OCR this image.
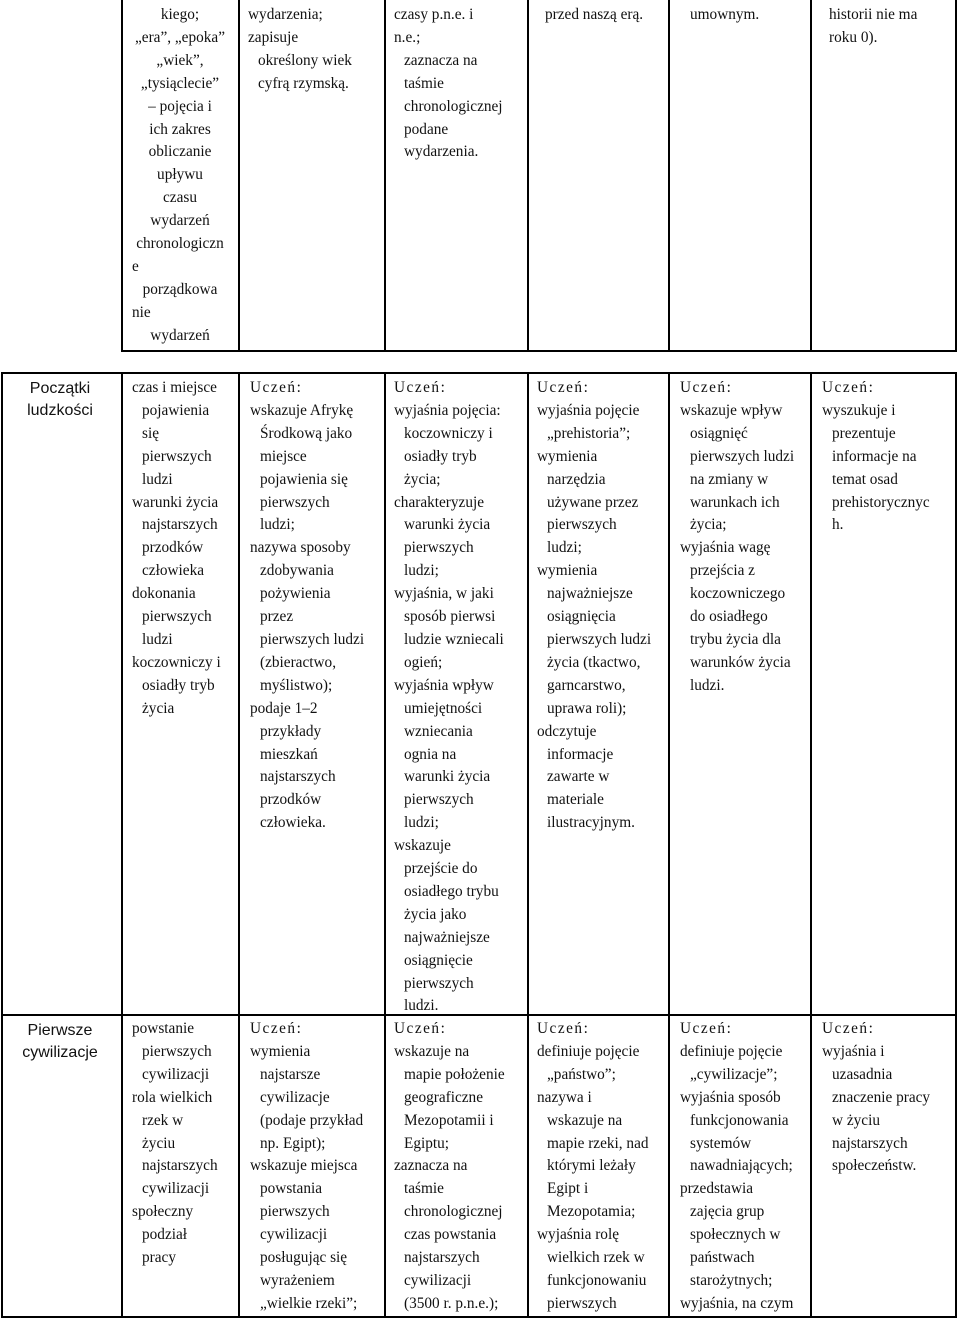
kiego;
„era”, „epoka”
„wiek”,
„tysiąclecie”
– pojęcia i
ich zakres
obliczanie
upływu
czasu
wydarzeń
chronologiczn
e
porządkowa
nie
wydarzeń
wydarzenia;
zapisuje
określony wiek
cyfrą rzymską.
czasy p.n.e. i
n.e.;
zaznacza na
taśmie
chronologicznej
podane
wydarzenia.
przed naszą erą.	umownym.	historii nie ma
roku 0).
Początki
ludzkości
czas i miejsce
pojawienia
się
pierwszych
ludzi
warunki życia
najstarszych
przodków
człowieka
dokonania
pierwszych
ludzi
koczowniczy i
osiadły tryb
życia
Uczeń:
wskazuje Afrykę
Środkową jako
miejsce
pojawienia się
pierwszych
ludzi;
nazywa sposoby
zdobywania
pożywienia
przez
pierwszych ludzi
(zbieractwo,
myślistwo);
podaje 1–2
przykłady
mieszkań
najstarszych
przodków
człowieka.
Uczeń:
wyjaśnia pojęcia:
koczowniczy i
osiadły tryb
życia;
charakteryzuje
warunki życia
pierwszych
ludzi;
wyjaśnia, w jaki
sposób pierwsi
ludzie wzniecali
ogień;
wyjaśnia wpływ
umiejętności
wzniecania
ognia na
warunki życia
pierwszych
ludzi;
wskazuje
przejście do
osiadłego trybu
życia jako
najważniejsze
osiągnięcie
pierwszych
ludzi.
Uczeń:
wyjaśnia pojęcie
„prehistoria”;
wymienia
narzędzia
używane przez
pierwszych
ludzi;
wymienia
najważniejsze
osiągnięcia
pierwszych ludzi
życia (tkactwo,
garncarstwo,
uprawa roli);
odczytuje
informacje
zawarte w
materiale
ilustracyjnym.
Uczeń:
wskazuje wpływ
osiągnięć
pierwszych ludzi
na zmiany w
warunkach ich
życia;
wyjaśnia wagę
przejścia z
koczowniczego
do osiadłego
trybu życia dla
warunków życia
ludzi.
Uczeń:
wyszukuje i
prezentuje
informacje na
temat osad
prehistorycznyc
h.
Pierwsze
cywilizacje
powstanie
pierwszych
cywilizacji
rola wielkich
rzek w
życiu
najstarszych
cywilizacji
społeczny
podział
pracy
Uczeń:
wymienia
najstarsze
cywilizacje
(podaje przykład
np. Egipt);
wskazuje miejsca
powstania
pierwszych
cywilizacji
posługując się
wyrażeniem
„wielkie rzeki”;
Uczeń:
wskazuje na
mapie położenie
geograficzne
Mezopotamii i
Egiptu;
zaznacza na
taśmie
chronologicznej
czas powstania
najstarszych
cywilizacji
(3500 r. p.n.e.);
Uczeń:
definiuje pojęcie
„państwo”;
nazywa i
wskazuje na
mapie rzeki, nad
którymi leżały
Egipt i
Mezopotamia;
wyjaśnia rolę
wielkich rzek w
funkcjonowaniu
pierwszych
Uczeń:
definiuje pojęcie
„cywilizacje”;
wyjaśnia sposób
funkcjonowania
systemów
nawadniających;
przedstawia
zajęcia grup
społecznych w
państwach
starożytnych;
wyjaśnia, na czym
Uczeń:
wyjaśnia i
uzasadnia
znaczenie pracy
w życiu
najstarszych
społeczeństw.
